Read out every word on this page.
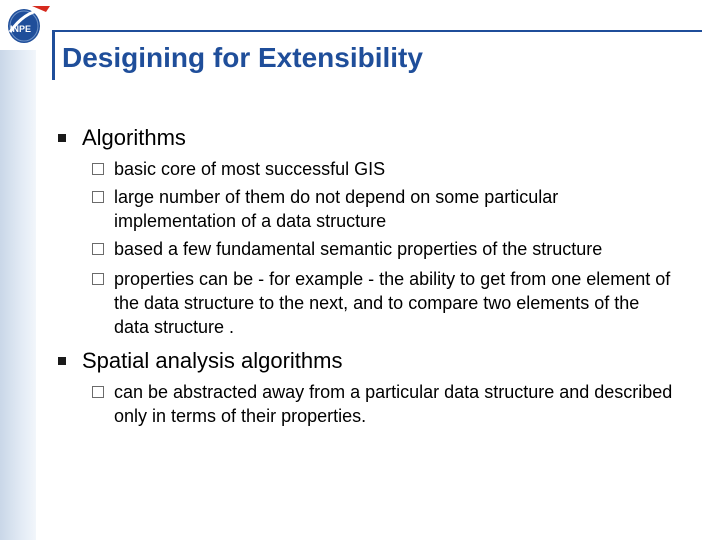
INPE
Desigining for Extensibility
Algorithms
basic core of most successful GIS
large number of them do not depend on some particular implementation of a data structure
based a few fundamental semantic properties of the structure
properties can be - for example - the ability to get from one element of the data structure to the next, and to compare two elements of the data structure .
Spatial analysis algorithms
can be abstracted away from a particular data structure and described only in terms of their properties.
